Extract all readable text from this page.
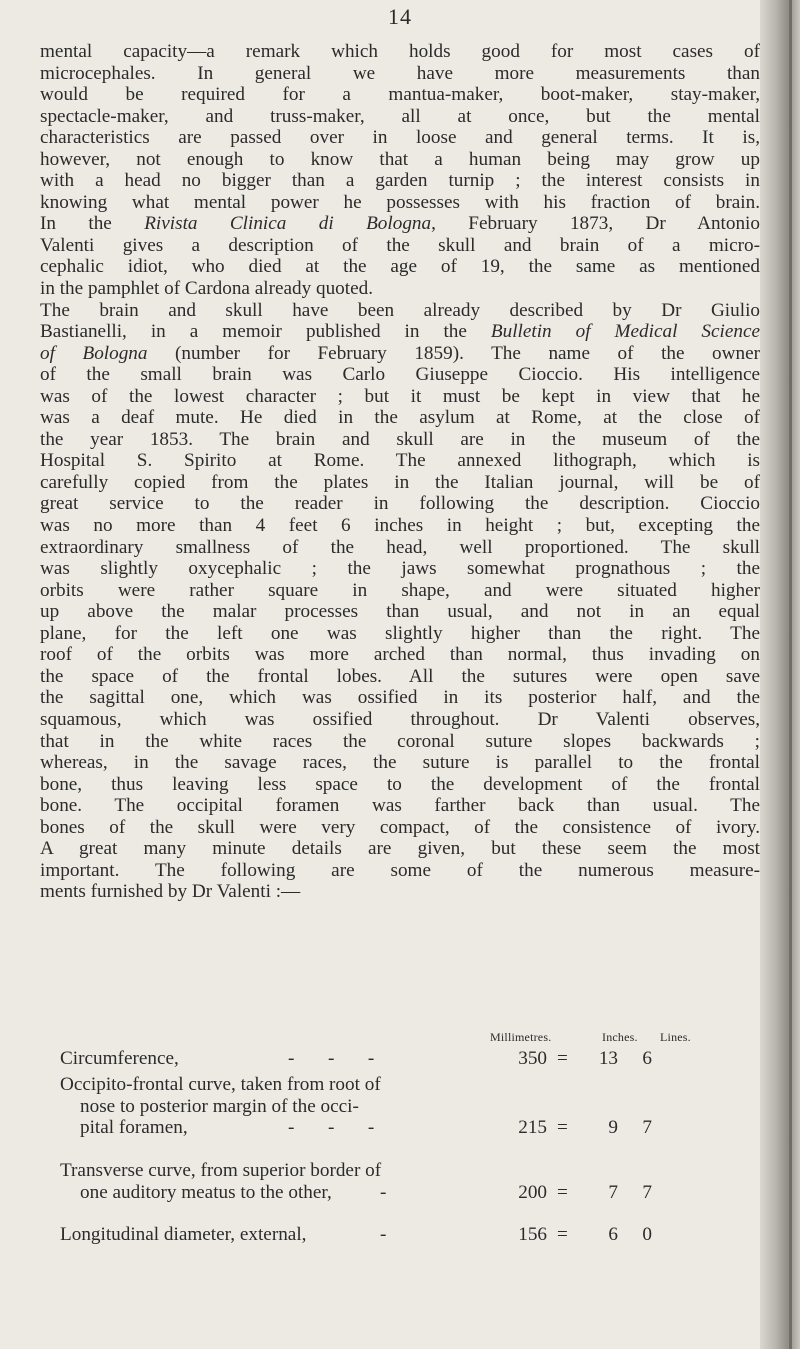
14
mental capacity—a remark which holds good for most cases of
microcephales. In general we have more measurements than
would be required for a mantua-maker, boot-maker, stay-maker,
spectacle-maker, and truss-maker, all at once, but the mental
characteristics are passed over in loose and general terms. It is,
however, not enough to know that a human being may grow up
with a head no bigger than a garden turnip ; the interest consists in
knowing what mental power he possesses with his fraction of brain.
In the Rivista Clinica di Bologna, February 1873, Dr Antonio
Valenti gives a description of the skull and brain of a micro-
cephalic idiot, who died at the age of 19, the same as mentioned
in the pamphlet of Cardona already quoted.
The brain and skull have been already described by Dr Giulio
Bastianelli, in a memoir published in the Bulletin of Medical Science
of Bologna (number for February 1859). The name of the owner
of the small brain was Carlo Giuseppe Cioccio. His intelligence
was of the lowest character ; but it must be kept in view that he
was a deaf mute. He died in the asylum at Rome, at the close of
the year 1853. The brain and skull are in the museum of the
Hospital S. Spirito at Rome. The annexed lithograph, which is
carefully copied from the plates in the Italian journal, will be of
great service to the reader in following the description. Cioccio
was no more than 4 feet 6 inches in height ; but, excepting the
extraordinary smallness of the head, well proportioned. The skull
was slightly oxycephalic ; the jaws somewhat prognathous ; the
orbits were rather square in shape, and were situated higher
up above the malar processes than usual, and not in an equal
plane, for the left one was slightly higher than the right. The
roof of the orbits was more arched than normal, thus invading on
the space of the frontal lobes. All the sutures were open save
the sagittal one, which was ossified in its posterior half, and the
squamous, which was ossified throughout. Dr Valenti observes,
that in the white races the coronal suture slopes backwards ;
whereas, in the savage races, the suture is parallel to the frontal
bone, thus leaving less space to the development of the frontal
bone. The occipital foramen was farther back than usual. The
bones of the skull were very compact, of the consistence of ivory.
A great many minute details are given, but these seem the most
important. The following are some of the numerous measure-
ments furnished by Dr Valenti :—
Millimetres.	Inches. Lines.
Circumference,	-       -       -	350 =	13	6
Occipito-frontal curve, taken from root of
nose to posterior margin of the occi-
pital foramen,	-       -       -	215 =	9	7
Transverse curve, from superior border of
one auditory meatus to the other,	-	200 =	7	7
Longitudinal diameter, external,	-	156 =	6	0
